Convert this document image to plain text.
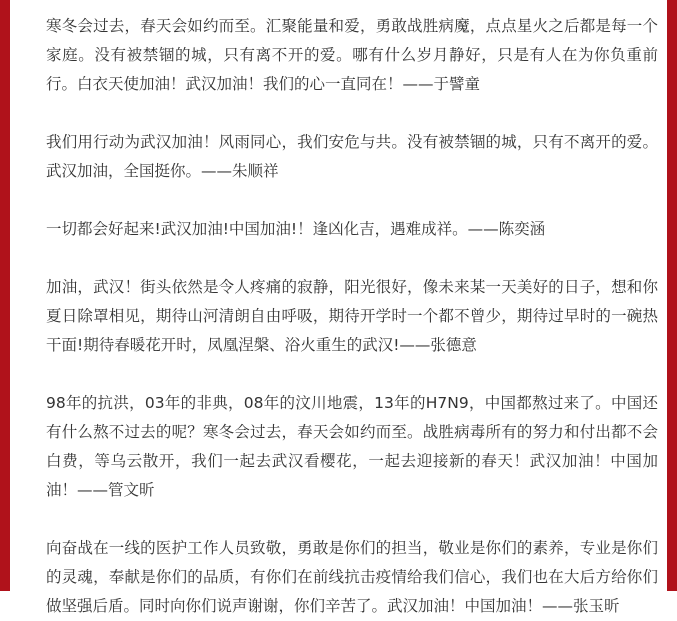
寒冬会过去，春天会如约而至。汇聚能量和爱，勇敢战胜病魔，点点星火之后都是每一个家庭。没有被禁锢的城，只有离不开的爱。哪有什么岁月静好，只是有人在为你负重前行。白衣天使加油！武汉加油！我们的心一直同在！——于譬童

我们用行动为武汉加油！风雨同心，我们安危与共。没有被禁锢的城，只有不离开的爱。武汉加油，全国挺你。——朱顺祥

一切都会好起来!武汉加油!中国加油!！逢凶化吉，遇难成祥。——陈奕涵

加油，武汉！街头依然是令人疼痛的寂静，阳光很好，像未来某一天美好的日子，想和你夏日除罩相见，期待山河清朗自由呼吸，期待开学时一个都不曾少，期待过早时的一碗热干面!期待春暖花开时，凤凰涅槃、浴火重生的武汉!——张德意

98年的抗洪，03年的非典，08年的汶川地震，13年的H7N9，中国都熬过来了。中国还有什么熬不过去的呢？寒冬会过去，春天会如约而至。战胜病毒所有的努力和付出都不会白费，等乌云散开，我们一起去武汉看樱花，一起去迎接新的春天！武汉加油！中国加油！——管文昕

向奋战在一线的医护工作人员致敬，勇敢是你们的担当，敬业是你们的素养，专业是你们的灵魂，奉献是你们的品质，有你们在前线抗击疫情给我们信心，我们也在大后方给你们做坚强后盾。同时向你们说声谢谢，你们辛苦了。武汉加油！中国加油！——张玉昕
